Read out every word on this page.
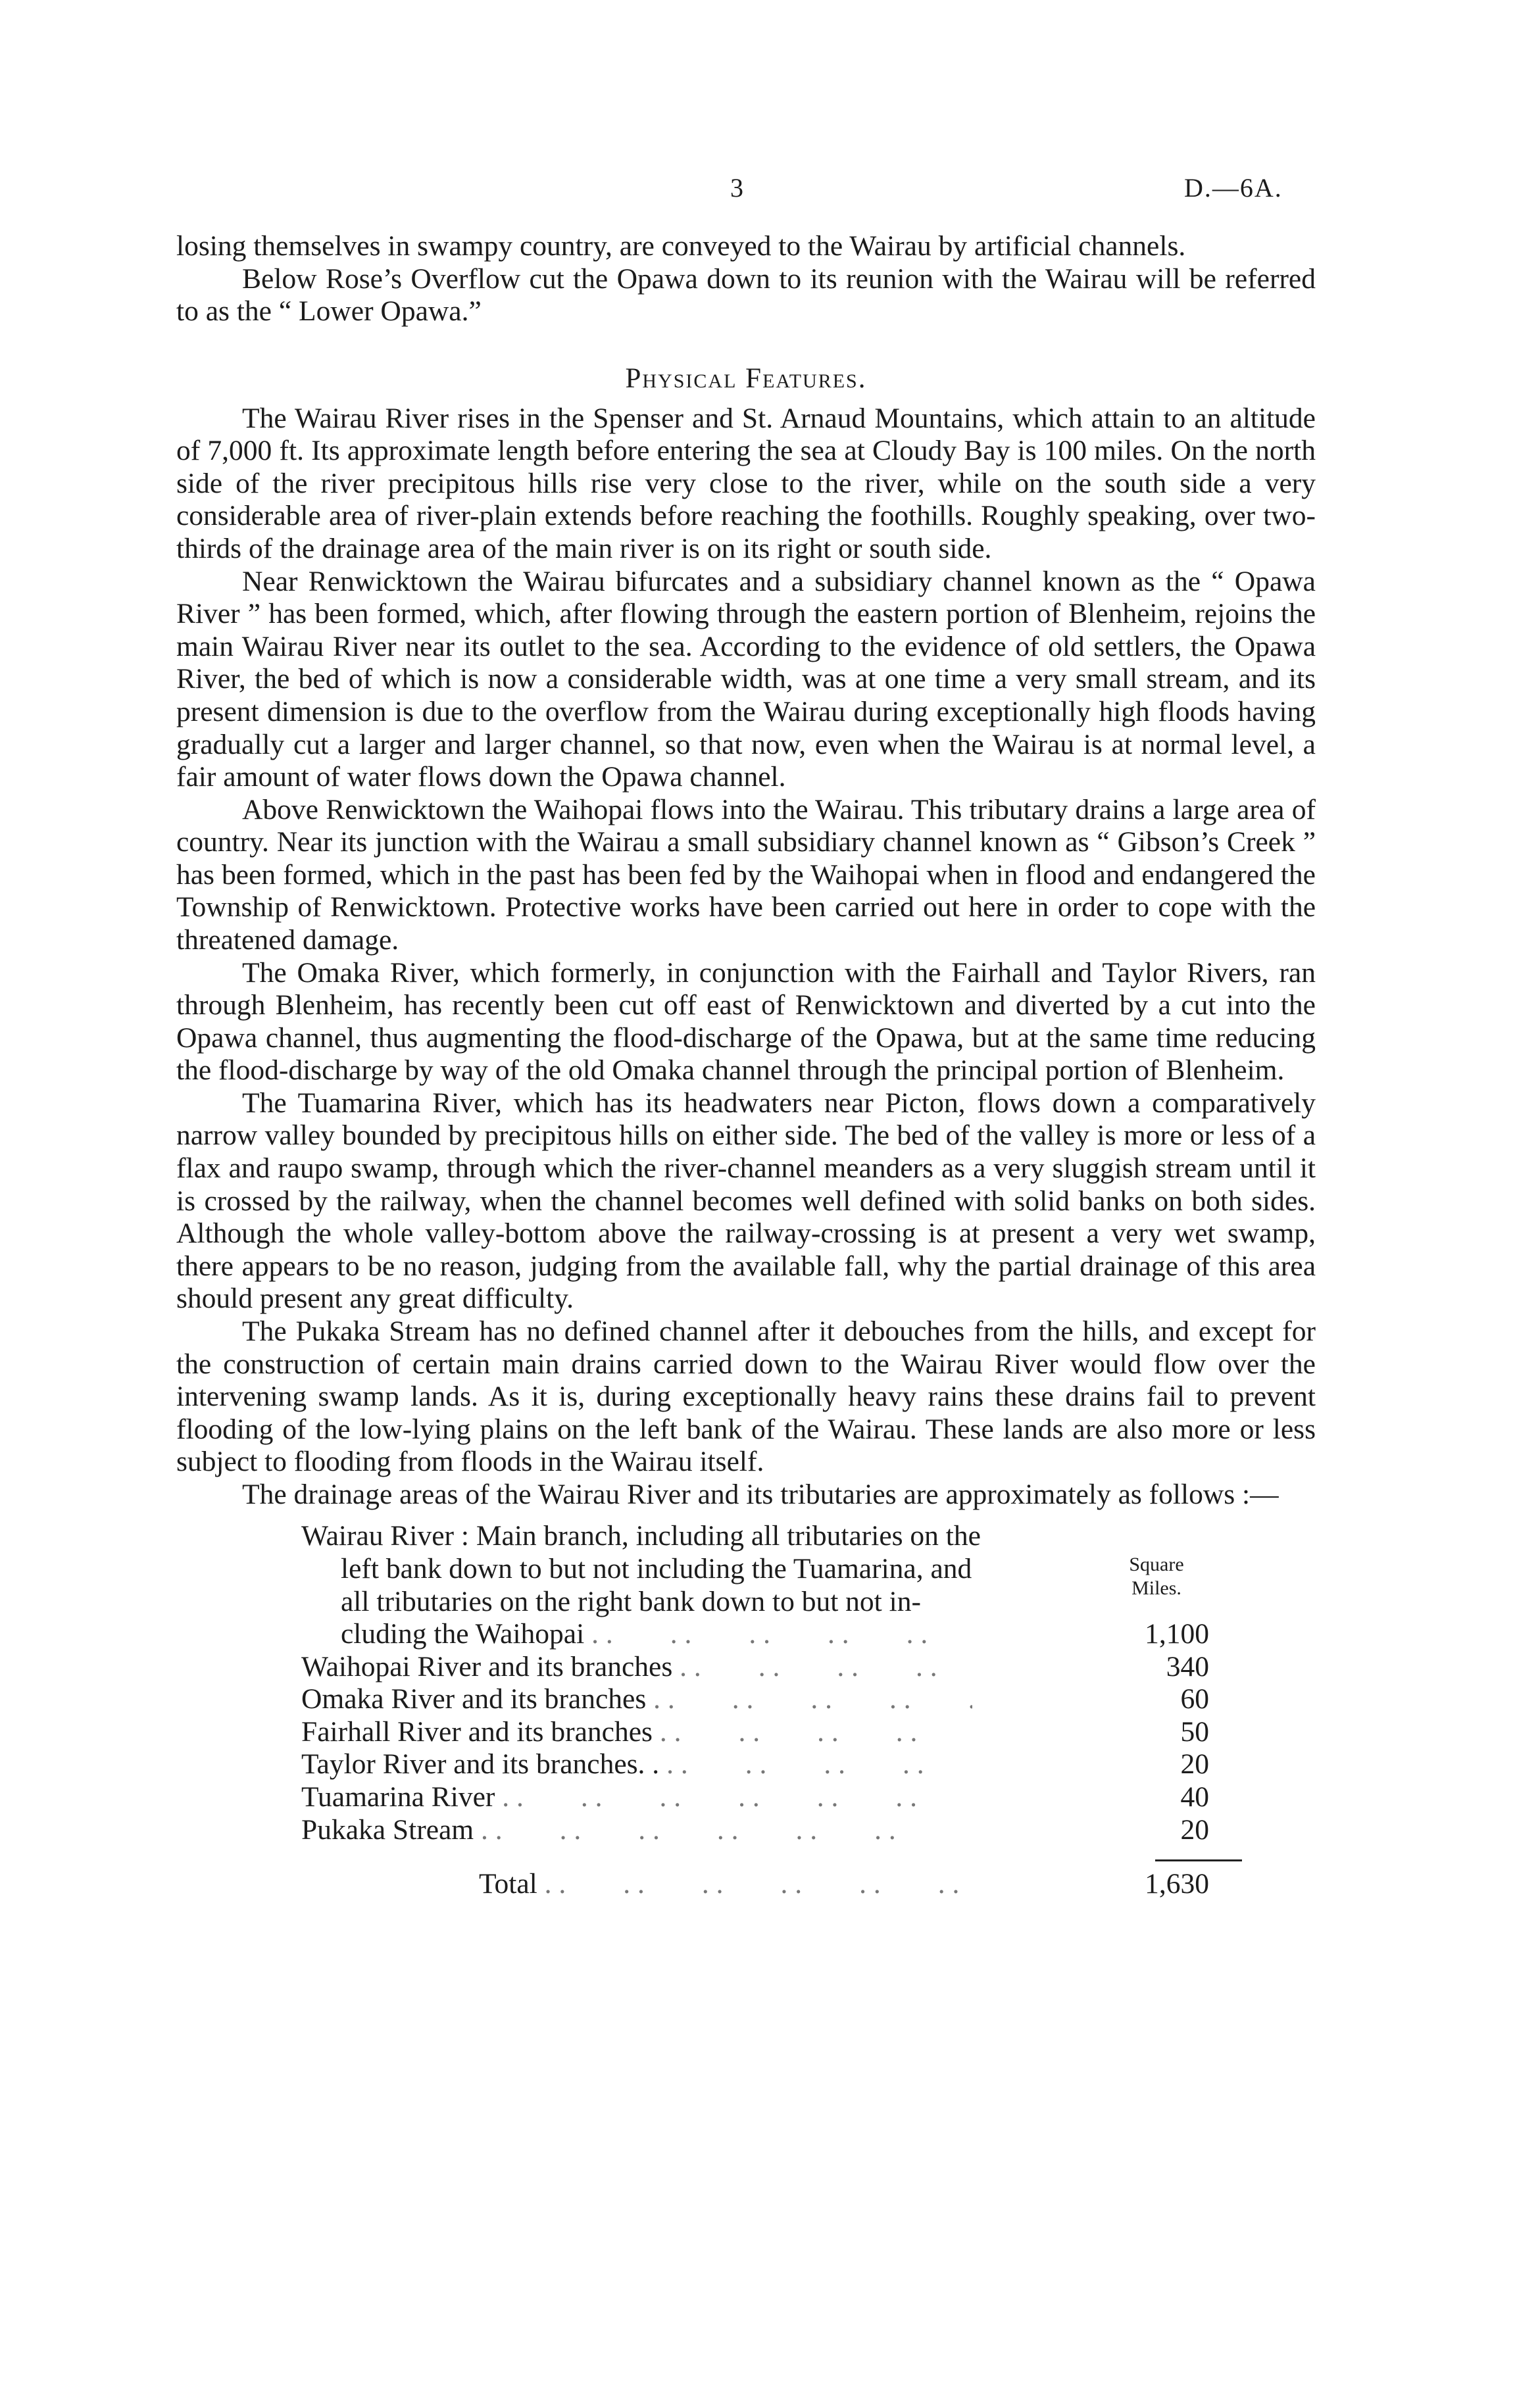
3	D.—6A.

losing themselves in swampy country, are conveyed to the Wairau by artificial channels.

Below Rose’s Overflow cut the Opawa down to its reunion with the Wairau will be referred to as the “ Lower Opawa.”

Physical Features.

The Wairau River rises in the Spenser and St. Arnaud Mountains, which attain to an altitude of 7,000 ft. Its approximate length before entering the sea at Cloudy Bay is 100 miles. On the north side of the river precipitous hills rise very close to the river, while on the south side a very considerable area of river-plain extends before reaching the foothills. Roughly speaking, over two-thirds of the drainage area of the main river is on its right or south side.

Near Renwicktown the Wairau bifurcates and a subsidiary channel known as the “ Opawa River ” has been formed, which, after flowing through the eastern portion of Blenheim, rejoins the main Wairau River near its outlet to the sea. According to the evidence of old settlers, the Opawa River, the bed of which is now a considerable width, was at one time a very small stream, and its present dimension is due to the overflow from the Wairau during exceptionally high floods having gradually cut a larger and larger channel, so that now, even when the Wairau is at normal level, a fair amount of water flows down the Opawa channel.

Above Renwicktown the Waihopai flows into the Wairau. This tributary drains a large area of country. Near its junction with the Wairau a small subsidiary channel known as “ Gibson’s Creek ” has been formed, which in the past has been fed by the Waihopai when in flood and endangered the Township of Renwicktown. Protective works have been carried out here in order to cope with the threatened damage.

The Omaka River, which formerly, in conjunction with the Fairhall and Taylor Rivers, ran through Blenheim, has recently been cut off east of Renwicktown and diverted by a cut into the Opawa channel, thus augmenting the flood-discharge of the Opawa, but at the same time reducing the flood-discharge by way of the old Omaka channel through the principal portion of Blenheim.

The Tuamarina River, which has its headwaters near Picton, flows down a comparatively narrow valley bounded by precipitous hills on either side. The bed of the valley is more or less of a flax and raupo swamp, through which the river-channel meanders as a very sluggish stream until it is crossed by the railway, when the channel becomes well defined with solid banks on both sides. Although the whole valley-bottom above the railway-crossing is at present a very wet swamp, there appears to be no reason, judging from the available fall, why the partial drainage of this area should present any great difficulty.

The Pukaka Stream has no defined channel after it debouches from the hills, and except for the construction of certain main drains carried down to the Wairau River would flow over the intervening swamp lands. As it is, during exceptionally heavy rains these drains fail to prevent flooding of the low-lying plains on the left bank of the Wairau. These lands are also more or less subject to flooding from floods in the Wairau itself.

The drainage areas of the Wairau River and its tributaries are approximately as follows :—

Square Miles.
Wairau River : Main branch, including all tributaries on the
left bank down to but not including the Tuamarina, and
all tributaries on the right bank down to but not in-
cluding the Waihopai . .	1,100
Waihopai River and its branches . .	340
Omaka River and its branches . .	60
Fairhall River and its branches . .	50
Taylor River and its branches. . . .	20
Tuamarina River . .	40
Pukaka Stream . .	20
Total . .	1,630
